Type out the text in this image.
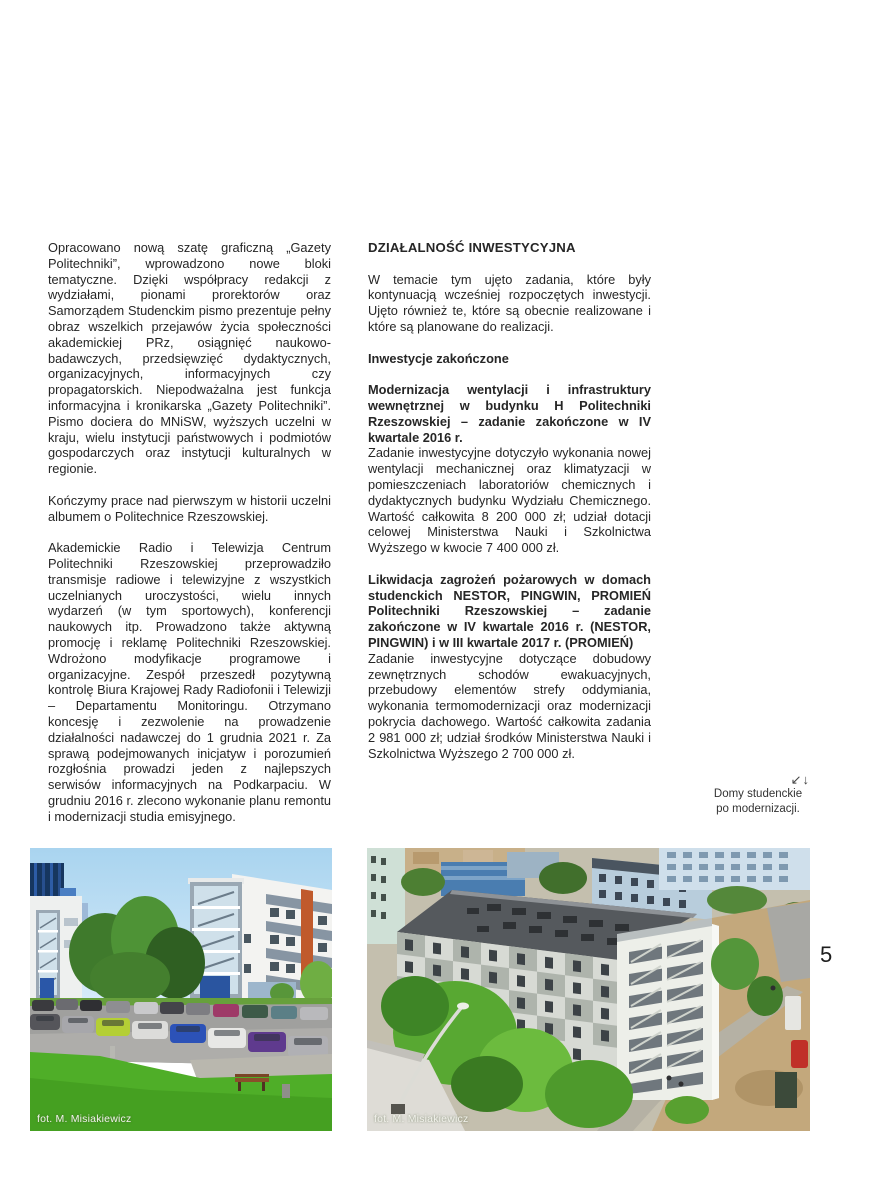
Opracowano nową szatę graficzną „Gazety Politechniki”, wprowadzono nowe bloki tematyczne. Dzięki współpracy redakcji z wydziałami, pionami prorektorów oraz Samorządem Studenckim pismo prezentuje pełny obraz wszelkich przejawów życia społeczności akademickiej PRz, osiągnięć naukowo-badawczych, przedsięwzięć dydaktycznych, organizacyjnych, informacyjnych czy propagatorskich. Niepodważalna jest funkcja informacyjna i kronikarska „Gazety Politechniki”. Pismo dociera do MNiSW, wyższych uczelni w kraju, wielu instytucji państwowych i podmiotów gospodarczych oraz instytucji kulturalnych w regionie.

Kończymy prace nad pierwszym w historii uczelni albumem o Politechnice Rzeszowskiej.

Akademickie Radio i Telewizja Centrum Politechniki Rzeszowskiej przeprowadziło transmisje radiowe i telewizyjne z wszystkich uczelnianych uroczystości, wielu innych wydarzeń (w tym sportowych), konferencji naukowych itp. Prowadzono także aktywną promocję i reklamę Politechniki Rzeszowskiej. Wdrożono modyfikacje programowe i organizacyjne. Zespół przeszedł pozytywną kontrolę Biura Krajowej Rady Radiofonii i Telewizji – Departamentu Monitoringu. Otrzymano koncesję i zezwolenie na prowadzenie działalności nadawczej do 1 grudnia 2021 r. Za sprawą podejmowanych inicjatyw i porozumień rozgłośnia prowadzi jeden z najlepszych serwisów informacyjnych na Podkarpaciu. W grudniu 2016 r. zlecono wykonanie planu remontu i modernizacji studia emisyjnego.

DZIAŁALNOŚĆ INWESTYCYJNA

W temacie tym ujęto zadania, które były kontynuacją wcześniej rozpoczętych inwestycji. Ujęto również te, które są obecnie realizowane i które są planowane do realizacji.

Inwestycje zakończone

Modernizacja wentylacji i infrastruktury wewnętrznej w budynku H Politechniki Rzeszowskiej – zadanie zakończone w IV kwartale 2016 r.

Zadanie inwestycyjne dotyczyło wykonania nowej wentylacji mechanicznej oraz klimatyzacji w pomieszczeniach laboratoriów chemicznych i dydaktycznych budynku Wydziału Chemicznego. Wartość całkowita 8 200 000 zł; udział dotacji celowej Ministerstwa Nauki i Szkolnictwa Wyższego w kwocie 7 400 000 zł.

Likwidacja zagrożeń pożarowych w domach studenckich NESTOR, PINGWIN, PROMIEŃ Politechniki Rzeszowskiej – zadanie zakończone w IV kwartale 2016 r. (NESTOR, PINGWIN) i w III kwartale 2017 r. (PROMIEŃ)

Zadanie inwestycyjne dotyczące dobudowy zewnętrznych schodów ewakuacyjnych, przebudowy elementów strefy oddymiania, wykonania termomodernizacji oraz modernizacji pokrycia dachowego. Wartość całkowita zadania 2 981 000 zł; udział środków Ministerstwa Nauki i Szkolnictwa Wyższego 2 700 000 zł.

↙↓
Domy studenckie
po modernizacji.
5
fot. M. Misiakiewicz	fot. M. Misiakiewicz
